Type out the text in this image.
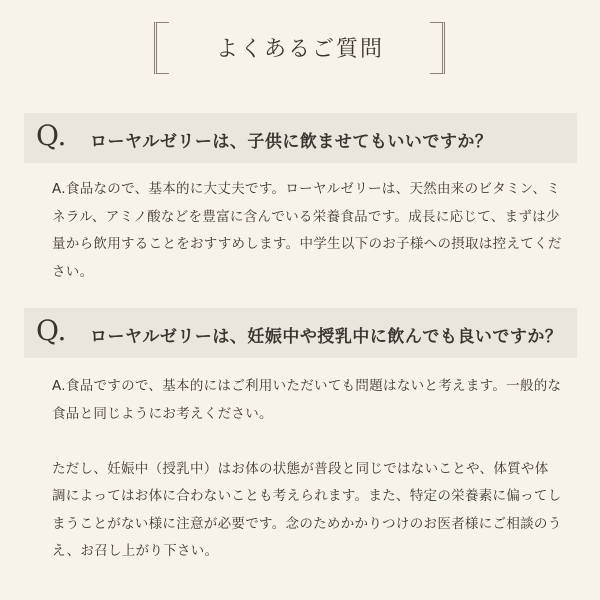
よくあるご質問
Q. ローヤルゼリーは、子供に飲ませてもいいですか？

A.食品なので、基本的に大丈夫です。ローヤルゼリーは、天然由来のビタミン、ミネラル、アミノ酸などを豊富に含んでいる栄養食品です。成長に応じて、まずは少量から飲用することをおすすめします。中学生以下のお子様への摂取は控えてください。

Q. ローヤルゼリーは、妊娠中や授乳中に飲んでも良いですか？

A.食品ですので、基本的にはご利用いただいても問題はないと考えます。一般的な食品と同じようにお考えください。

ただし、妊娠中（授乳中）はお体の状態が普段と同じではないことや、体質や体調によってはお体に合わないことも考えられます。また、特定の栄養素に偏ってしまうことがない様に注意が必要です。念のためかかりつけのお医者様にご相談のうえ、お召し上がり下さい。
